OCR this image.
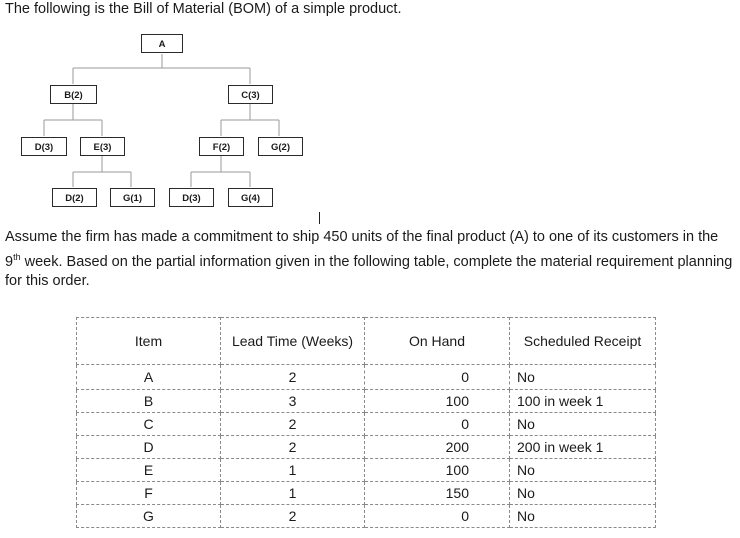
The following is the Bill of Material (BOM) of a simple product.

A
B(2)	C(3)
D(3)	E(3)	F(2)	G(2)
D(2)	G(1)	D(3)	G(4)

Assume the firm has made a commitment to ship 450 units of the final product (A) to one of its customers in the 9th week. Based on the partial information given in the following table, complete the material requirement planning for this order.

Item	Lead Time (Weeks)	On Hand	Scheduled Receipt
A	2	0	No
B	3	100	100 in week 1
C	2	0	No
D	2	200	200 in week 1
E	1	100	No
F	1	150	No
G	2	0	No
